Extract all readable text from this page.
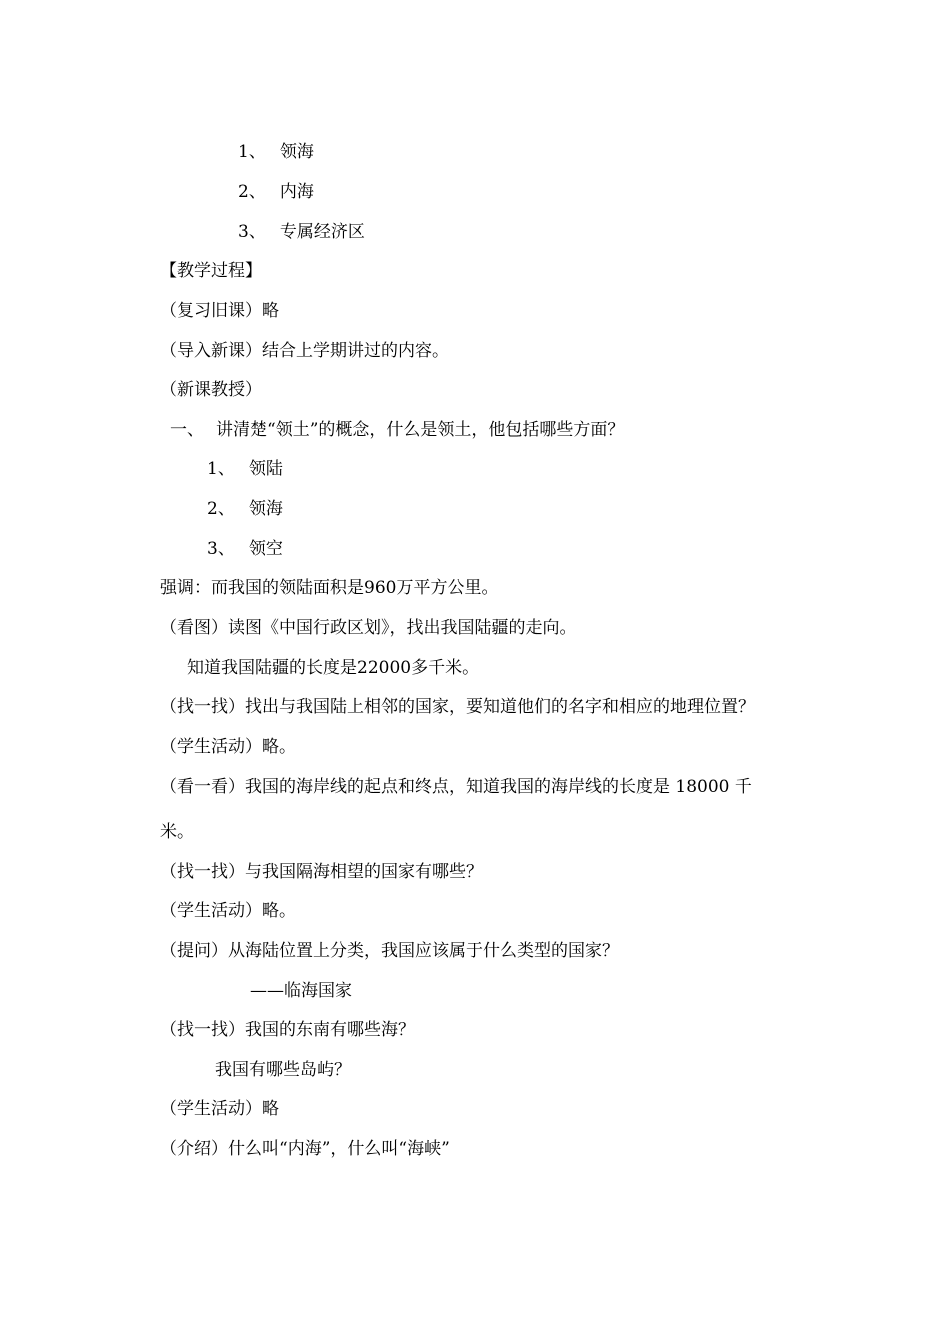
1、 领海
2、 内海
3、 专属经济区
【教学过程】
（复习旧课）略
（导入新课）结合上学期讲过的内容。
（新课教授）
一、 讲清楚“领土”的概念，什么是领土，他包括哪些方面？
1、 领陆
2、 领海
3、 领空
强调：而我国的领陆面积是960万平方公里。
（看图）读图《中国行政区划》，找出我国陆疆的走向。
知道我国陆疆的长度是22000多千米。
（找一找）找出与我国陆上相邻的国家，要知道他们的名字和相应的地理位置？
（学生活动）略。
（看一看）我国的海岸线的起点和终点，知道我国的海岸线的长度是 18000 千
米。
（找一找）与我国隔海相望的国家有哪些？
（学生活动）略。
（提问）从海陆位置上分类，我国应该属于什么类型的国家？
——临海国家
（找一找）我国的东南有哪些海？
我国有哪些岛屿？
（学生活动）略
（介绍）什么叫“内海”，什么叫“海峡”
